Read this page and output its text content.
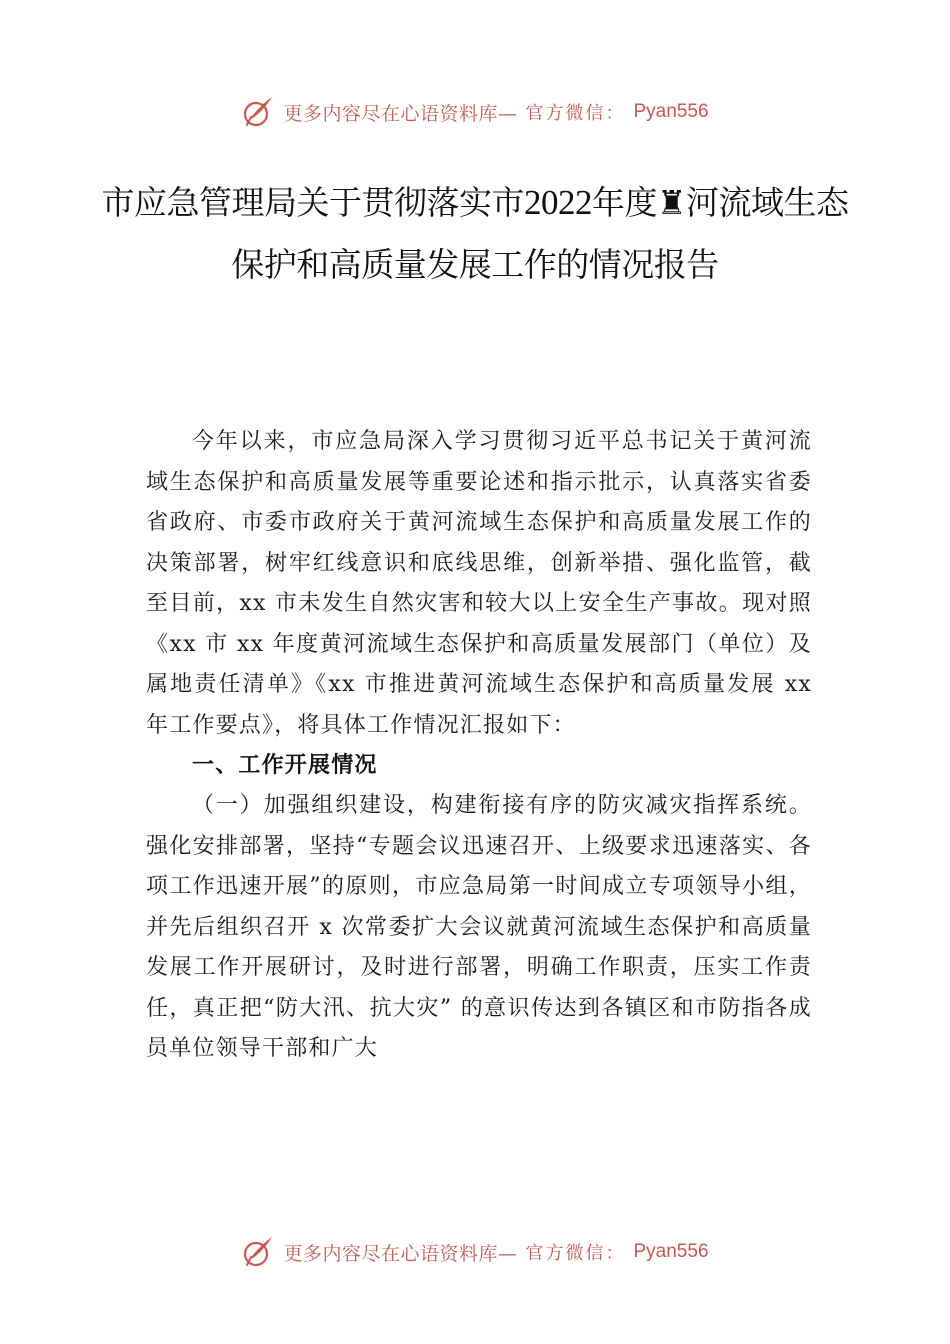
更多内容尽在心语资料库— 官方微信： Pyan556
市应急管理局关于贯彻落实市2022年度♜河流域生态保护和高质量发展工作的情况报告

今年以来，市应急局深入学习贯彻习近平总书记关于黄河流域生态保护和高质量发展等重要论述和指示批示，认真落实省委省政府、市委市政府关于黄河流域生态保护和高质量发展工作的决策部署，树牢红线意识和底线思维，创新举措、强化监管，截至目前，xx 市未发生自然灾害和较大以上安全生产事故。现对照《xx 市 xx 年度黄河流域生态保护和高质量发展部门（单位）及属地责任清单》《xx 市推进黄河流域生态保护和高质量发展 xx 年工作要点》，将具体工作情况汇报如下：

一、工作开展情况

（一）加强组织建设，构建衔接有序的防灾减灾指挥系统。强化安排部署，坚持“专题会议迅速召开、上级要求迅速落实、各项工作迅速开展”的原则，市应急局第一时间成立专项领导小组，并先后组织召开 x 次常委扩大会议就黄河流域生态保护和高质量发展工作开展研讨，及时进行部署，明确工作职责，压实工作责任，真正把“防大汛、抗大灾” 的意识传达到各镇区和市防指各成员单位领导干部和广大

更多内容尽在心语资料库— 官方微信： Pyan556
